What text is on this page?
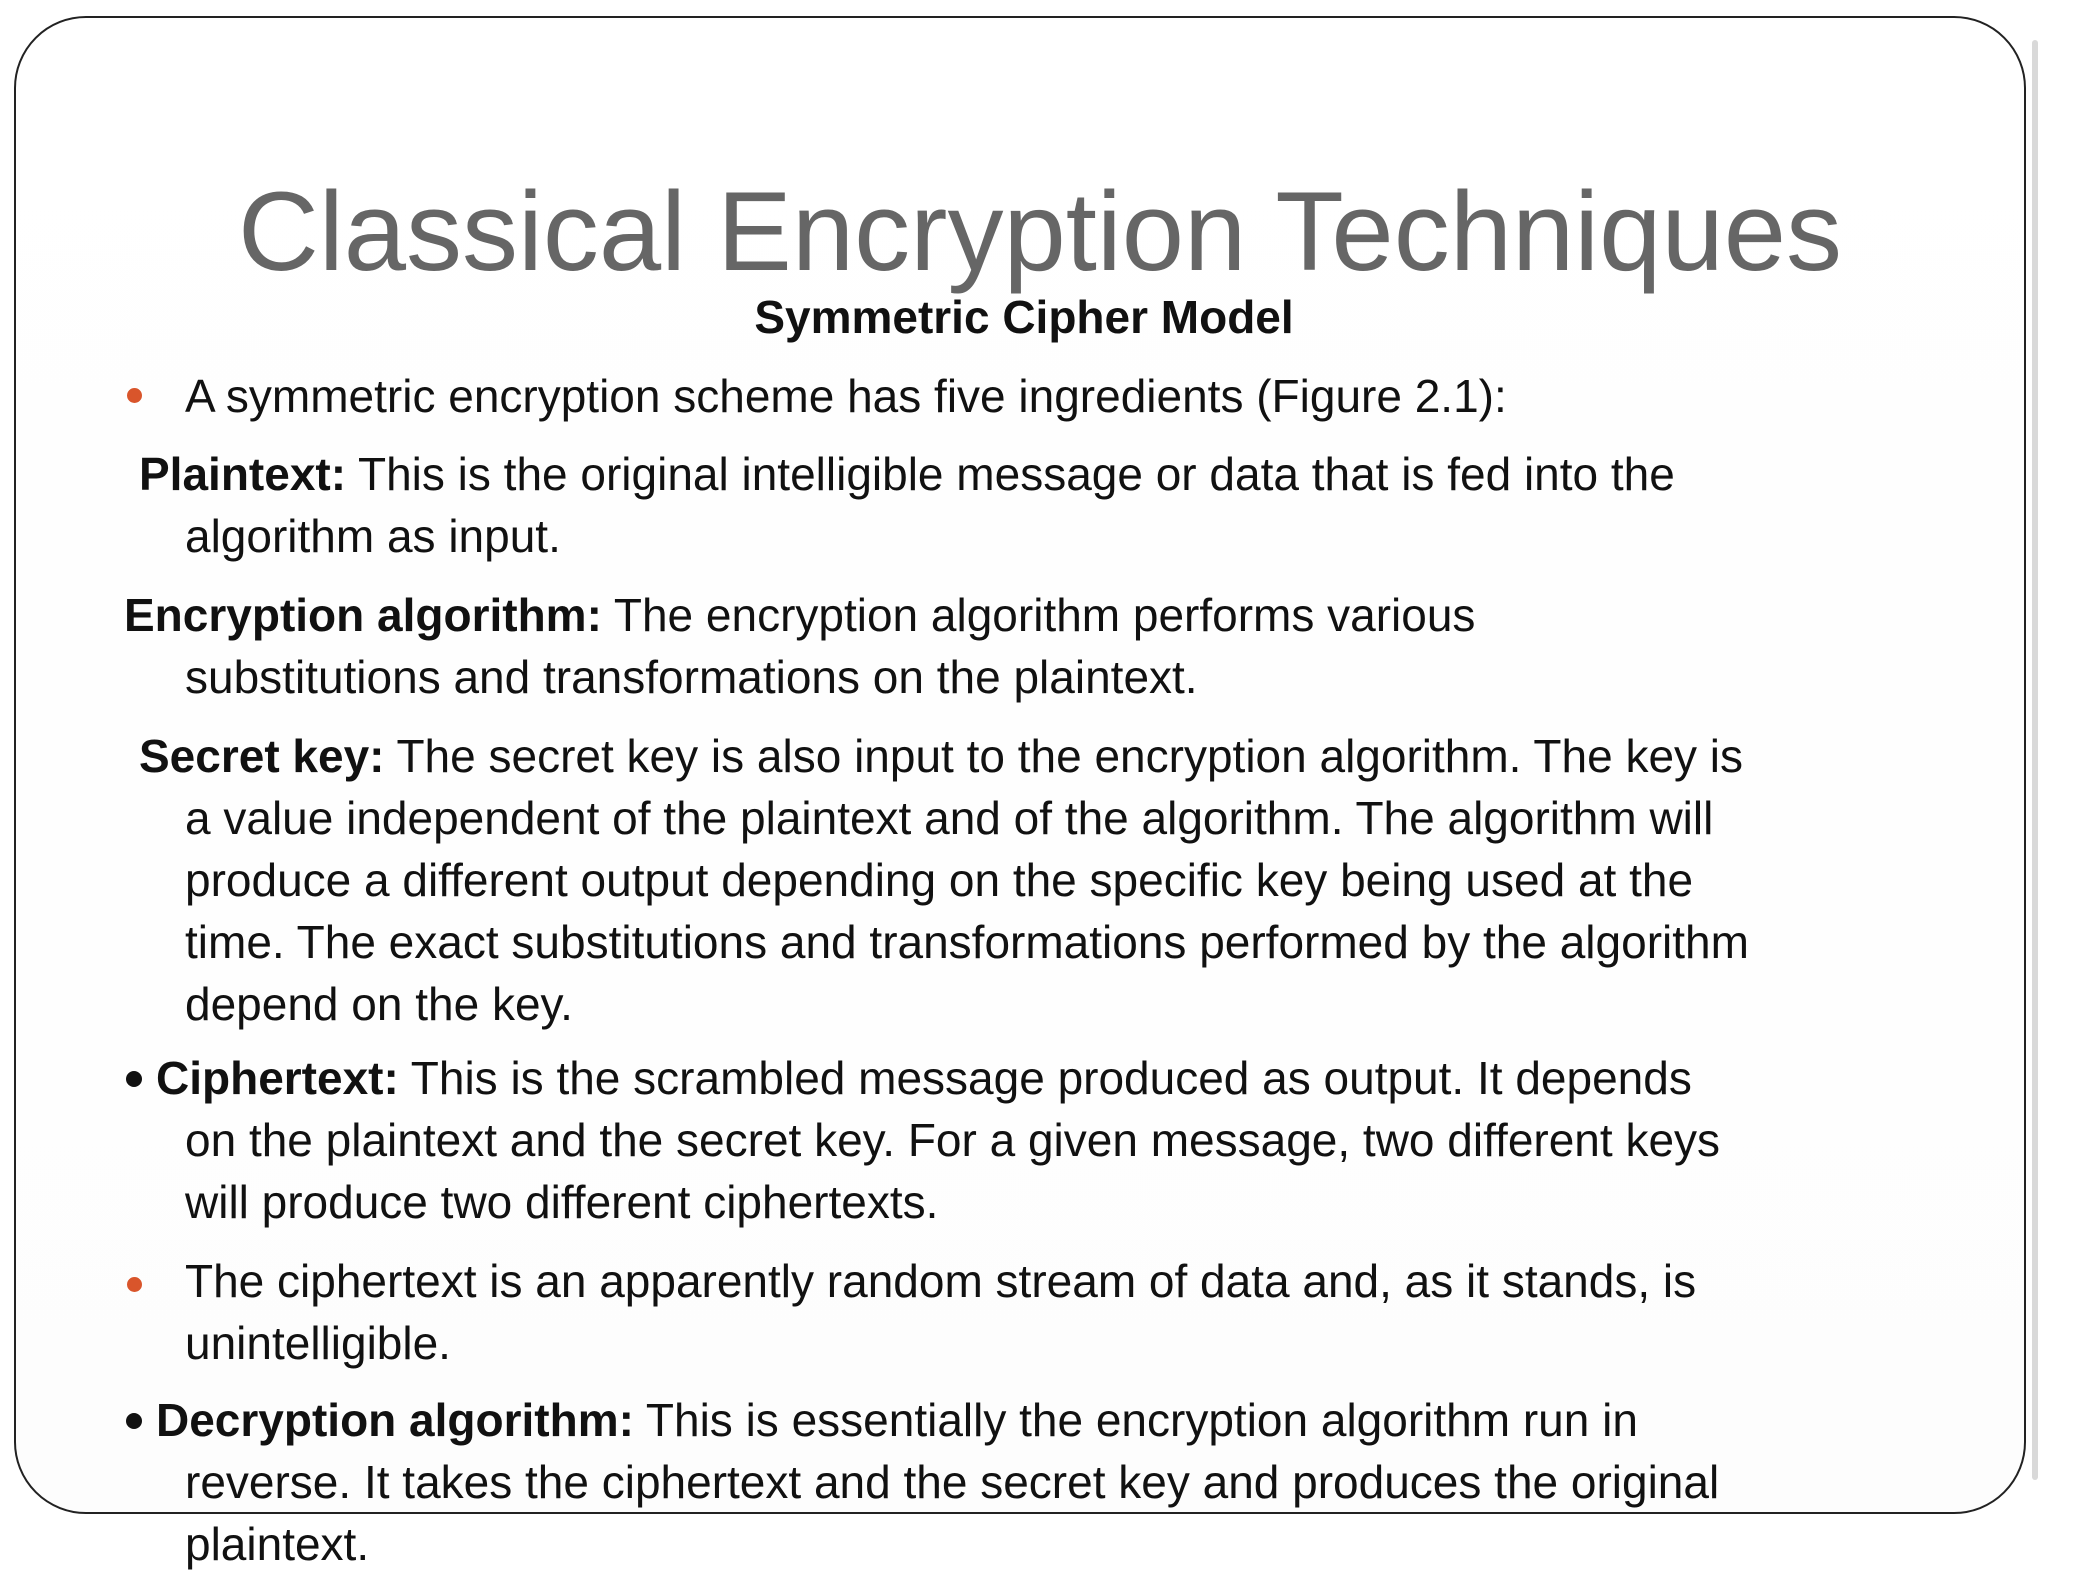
Classical Encryption Techniques
Symmetric Cipher Model
A symmetric encryption scheme has five ingredients (Figure 2.1):
Plaintext: This is the original intelligible message or data that is fed into the
algorithm as input.
Encryption algorithm: The encryption algorithm performs various
substitutions and transformations on the plaintext.
Secret key: The secret key is also input to the encryption algorithm. The key is
a value independent of the plaintext and of the algorithm. The algorithm will
produce a different output depending on the specific key being used at the
time. The exact substitutions and transformations performed by the algorithm
depend on the key.
Ciphertext: This is the scrambled message produced as output. It depends
on the plaintext and the secret key. For a given message, two different keys
will produce two different ciphertexts.
The ciphertext is an apparently random stream of data and, as it stands, is
unintelligible.
Decryption algorithm: This is essentially the encryption algorithm run in
reverse. It takes the ciphertext and the secret key and produces the original
plaintext.
